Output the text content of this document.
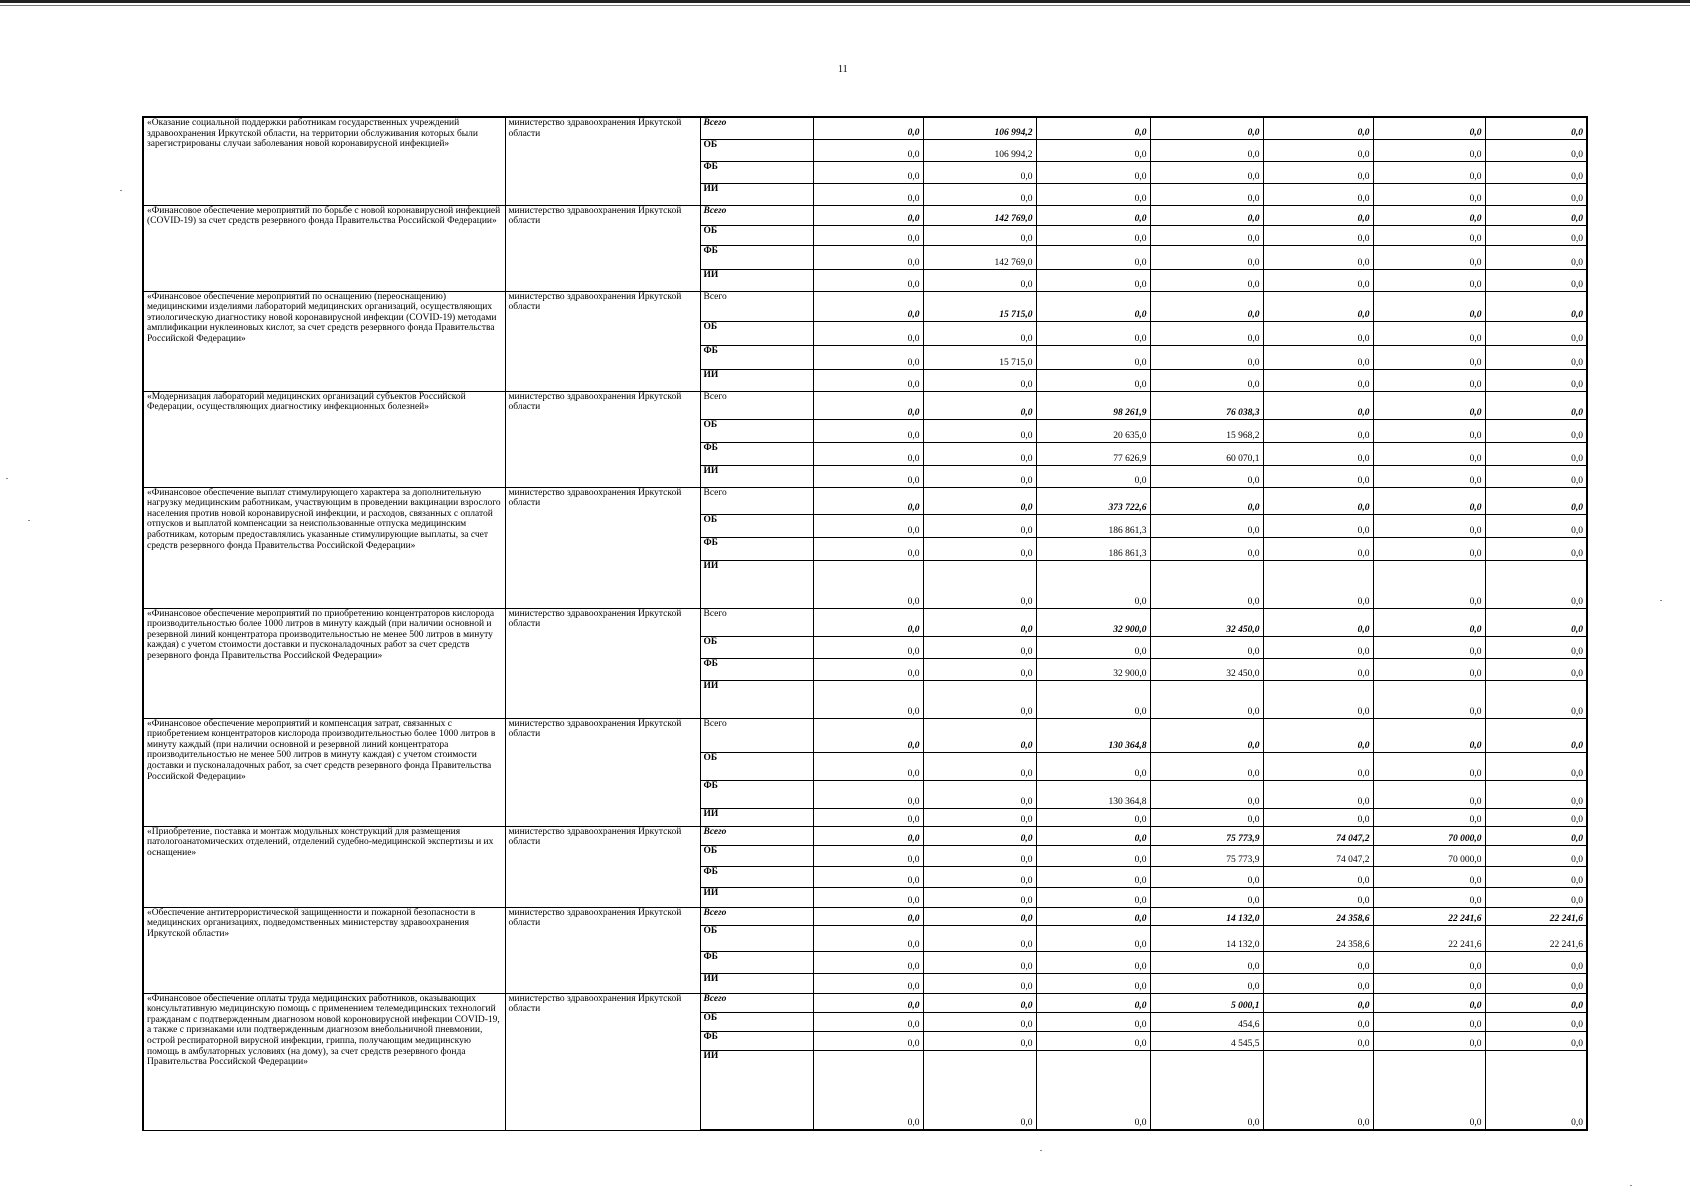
11
«Оказание социальной поддержки работникам государственных учреждений здравоохранения Иркутской области, на территории обслуживания которых были зарегистрированы случаи заболевания новой коронавирусной инфекцией»	министерство здравоохранения Иркутской области	Всего	0,0	106 994,2	0,0	0,0	0,0	0,0	0,0
		ОБ	0,0	106 994,2	0,0	0,0	0,0	0,0	0,0
		ФБ	0,0	0,0	0,0	0,0	0,0	0,0	0,0
		ИИ	0,0	0,0	0,0	0,0	0,0	0,0	0,0
«Финансовое обеспечение мероприятий по борьбе с новой коронавирусной инфекцией (COVID-19) за счет средств резервного фонда Правительства Российской Федерации»	министерство здравоохранения Иркутской области	Всего	0,0	142 769,0	0,0	0,0	0,0	0,0	0,0
		ОБ	0,0	0,0	0,0	0,0	0,0	0,0	0,0
		ФБ	0,0	142 769,0	0,0	0,0	0,0	0,0	0,0
		ИИ	0,0	0,0	0,0	0,0	0,0	0,0	0,0
«Финансовое обеспечение мероприятий по оснащению (переоснащению) медицинскими изделиями лабораторий медицинских организаций, осуществляющих этиологическую диагностику новой коронавирусной инфекции (COVID-19) методами амплификации нуклеиновых кислот, за счет средств резервного фонда Правительства Российской Федерации»	министерство здравоохранения Иркутской области	Всего	0,0	15 715,0	0,0	0,0	0,0	0,0	0,0
		ОБ	0,0	0,0	0,0	0,0	0,0	0,0	0,0
		ФБ	0,0	15 715,0	0,0	0,0	0,0	0,0	0,0
		ИИ	0,0	0,0	0,0	0,0	0,0	0,0	0,0
«Модернизация лабораторий медицинских организаций субъектов Российской Федерации, осуществляющих диагностику инфекционных болезней»	министерство здравоохранения Иркутской области	Всего	0,0	0,0	98 261,9	76 038,3	0,0	0,0	0,0
		ОБ	0,0	0,0	20 635,0	15 968,2	0,0	0,0	0,0
		ФБ	0,0	0,0	77 626,9	60 070,1	0,0	0,0	0,0
		ИИ	0,0	0,0	0,0	0,0	0,0	0,0	0,0
«Финансовое обеспечение выплат стимулирующего характера за дополнительную нагрузку медицинским работникам, участвующим в проведении вакцинации взрослого населения против новой коронавирусной инфекции, и расходов, связанных с оплатой отпусков и выплатой компенсации за неиспользованные отпуска медицинским работникам, которым предоставлялись указанные стимулирующие выплаты, за счет средств резервного фонда Правительства Российской Федерации»	министерство здравоохранения Иркутской области	Всего	0,0	0,0	373 722,6	0,0	0,0	0,0	0,0
		ОБ	0,0	0,0	186 861,3	0,0	0,0	0,0	0,0
		ФБ	0,0	0,0	186 861,3	0,0	0,0	0,0	0,0
		ИИ	0,0	0,0	0,0	0,0	0,0	0,0	0,0
«Финансовое обеспечение мероприятий по приобретению концентраторов кислорода производительностью более 1000 литров в минуту каждый (при наличии основной и резервной линий концентратора производительностью не менее 500 литров в минуту каждая) с учетом стоимости доставки и пусконаладочных работ за счет средств резервного фонда Правительства Российской Федерации»	министерство здравоохранения Иркутской области	Всего	0,0	0,0	32 900,0	32 450,0	0,0	0,0	0,0
		ОБ	0,0	0,0	0,0	0,0	0,0	0,0	0,0
		ФБ	0,0	0,0	32 900,0	32 450,0	0,0	0,0	0,0
		ИИ	0,0	0,0	0,0	0,0	0,0	0,0	0,0
«Финансовое обеспечение мероприятий и компенсация затрат, связанных с приобретением концентраторов кислорода производительностью более 1000 литров в минуту каждый (при наличии основной и резервной линий концентратора производительностью не менее 500 литров в минуту каждая) с учетом стоимости доставки и пусконаладочных работ, за счет средств резервного фонда Правительства Российской Федерации»	министерство здравоохранения Иркутской области	Всего	0,0	0,0	130 364,8	0,0	0,0	0,0	0,0
		ОБ	0,0	0,0	0,0	0,0	0,0	0,0	0,0
		ФБ	0,0	0,0	130 364,8	0,0	0,0	0,0	0,0
		ИИ	0,0	0,0	0,0	0,0	0,0	0,0	0,0
«Приобретение, поставка и монтаж модульных конструкций для размещения патологоанатомических отделений, отделений судебно-медицинской экспертизы и их оснащение»	министерство здравоохранения Иркутской области	Всего	0,0	0,0	0,0	75 773,9	74 047,2	70 000,0	0,0
		ОБ	0,0	0,0	0,0	75 773,9	74 047,2	70 000,0	0,0
		ФБ	0,0	0,0	0,0	0,0	0,0	0,0	0,0
		ИИ	0,0	0,0	0,0	0,0	0,0	0,0	0,0
«Обеспечение антитеррористической защищенности и пожарной безопасности в медицинских организациях, подведомственных министерству здравоохранения Иркутской области»	министерство здравоохранения Иркутской области	Всего	0,0	0,0	0,0	14 132,0	24 358,6	22 241,6	22 241,6
		ОБ	0,0	0,0	0,0	14 132,0	24 358,6	22 241,6	22 241,6
		ФБ	0,0	0,0	0,0	0,0	0,0	0,0	0,0
		ИИ	0,0	0,0	0,0	0,0	0,0	0,0	0,0
«Финансовое обеспечение оплаты труда медицинских работников, оказывающих консультативную медицинскую помощь с применением телемедицинских технологий гражданам с подтвержденным диагнозом новой короновирусной инфекции COVID-19, а также с признаками или подтвержденным диагнозом внебольничной пневмонии, острой респираторной вирусной инфекции, гриппа, получающим медицинскую помощь в амбулаторных условиях (на дому), за счет средств резервного фонда Правительства Российской Федерации»	министерство здравоохранения Иркутской области	Всего	0,0	0,0	0,0	5 000,1	0,0	0,0	0,0
		ОБ	0,0	0,0	0,0	454,6	0,0	0,0	0,0
		ФБ	0,0	0,0	0,0	4 545,5	0,0	0,0	0,0
		ИИ	0,0	0,0	0,0	0,0	0,0	0,0	0,0
